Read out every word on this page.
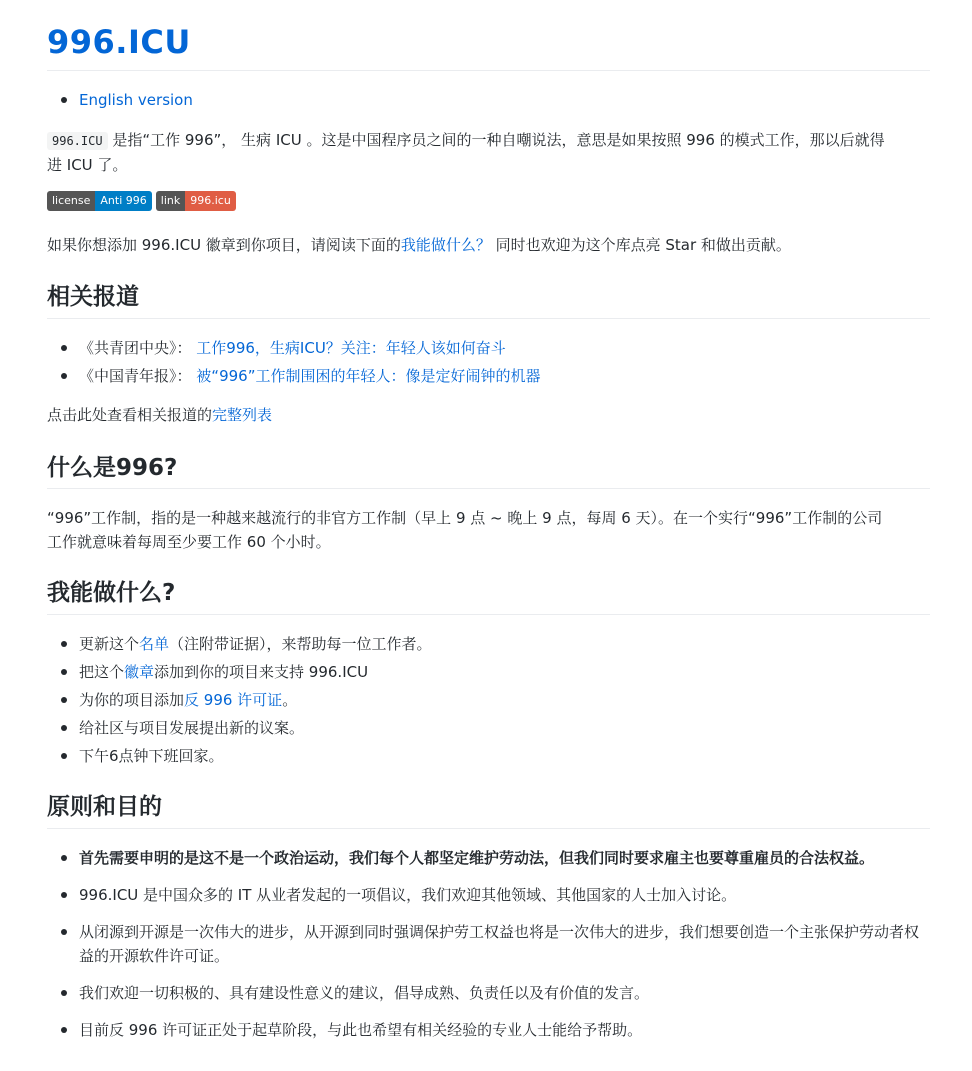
996.ICU
English version

996.ICU 是指“工作 996”， 生病 ICU 。这是中国程序员之间的一种自嘲说法，意思是如果按照 996 的模式工作，那以后就得
进 ICU 了。

license Anti 996	link 996.icu

如果你想添加 996.ICU 徽章到你项目，请阅读下面的我能做什么？ 同时也欢迎为这个库点亮 Star 和做出贡献。

相关报道
《共青团中央》： 工作996，生病ICU？关注：年轻人该如何奋斗
《中国青年报》： 被“996”工作制围困的年轻人：像是定好闹钟的机器

点击此处查看相关报道的完整列表

什么是996?

“996”工作制，指的是一种越来越流行的非官方工作制（早上 9 点 ~ 晚上 9 点，每周 6 天）。在一个实行“996”工作制的公司
工作就意味着每周至少要工作 60 个小时。

我能做什么?
更新这个名单（注附带证据），来帮助每一位工作者。
把这个徽章添加到你的项目来支持 996.ICU
为你的项目添加反 996 许可证。
给社区与项目发展提出新的议案。
下午6点钟下班回家。
原则和目的
首先需要申明的是这不是一个政治运动，我们每个人都坚定维护劳动法，但我们同时要求雇主也要尊重雇员的合法权益。
996.ICU 是中国众多的 IT 从业者发起的一项倡议，我们欢迎其他领域、其他国家的人士加入讨论。
从闭源到开源是一次伟大的进步，从开源到同时强调保护劳工权益也将是一次伟大的进步，我们想要创造一个主张保护劳动者权益的开源软件许可证。
我们欢迎一切积极的、具有建设性意义的建议，倡导成熟、负责任以及有价值的发言。
目前反 996 许可证正处于起草阶段，与此也希望有相关经验的专业人士能给予帮助。
